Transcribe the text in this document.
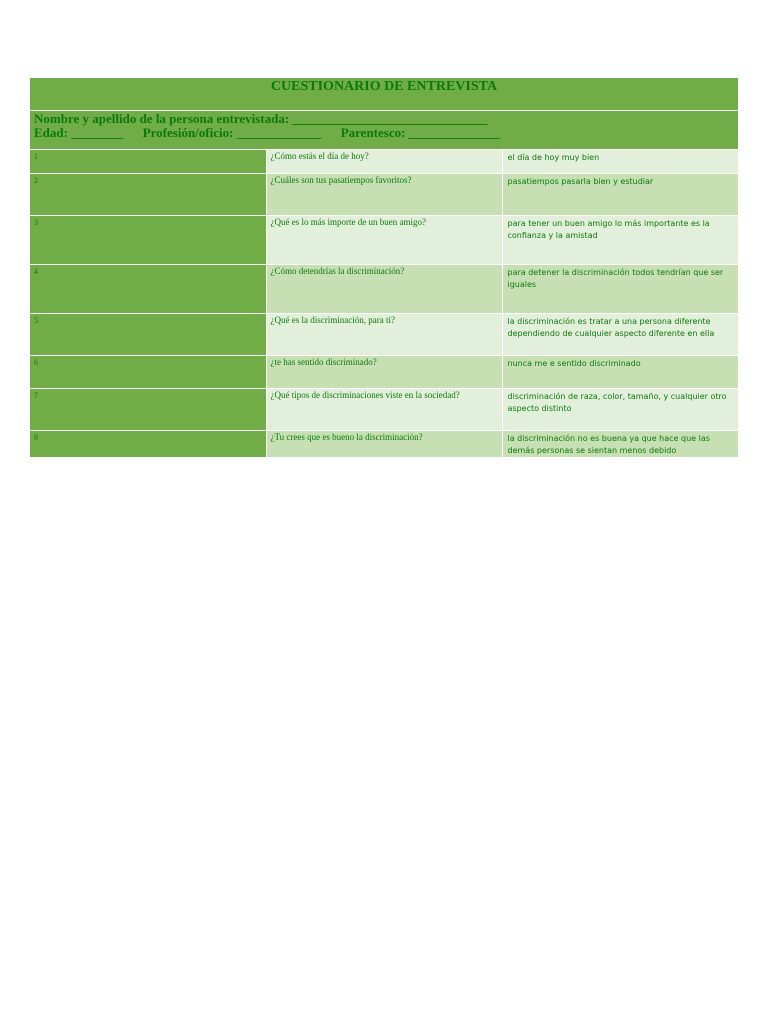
CUESTIONARIO DE ENTREVISTA		

Nombre y apellido de la persona entrevistada: ______________________________
Edad: ________      Profesión/oficio: _____________      Parentesco: ______________		

1	¿Cómo estás el día de hoy?	el día de hoy muy bien
2	¿Cuáles son tus pasatiempos favoritos?	pasatiempos pasarla bien y estudiar
3	¿Qué es lo más importe de un buen amigo?	para tener un buen amigo lo más importante es la confianza y la amistad
4	¿Cómo detendrías la discriminación?	para detener la discriminación todos tendrían que ser iguales
5	¿Qué es la discriminación, para ti?	la discriminación es tratar a una persona diferente dependiendo de cualquier aspecto diferente en ella
6	¿te has sentido discriminado?	nunca me e sentido discriminado
7	¿Qué tipos de discriminaciones viste en la sociedad?	discriminación de raza, color, tamaño, y cualquier otro aspecto distinto
8	¿Tu crees que es bueno la discriminación?	la discriminación no es buena ya que hace que las demás personas se sientan menos debido
